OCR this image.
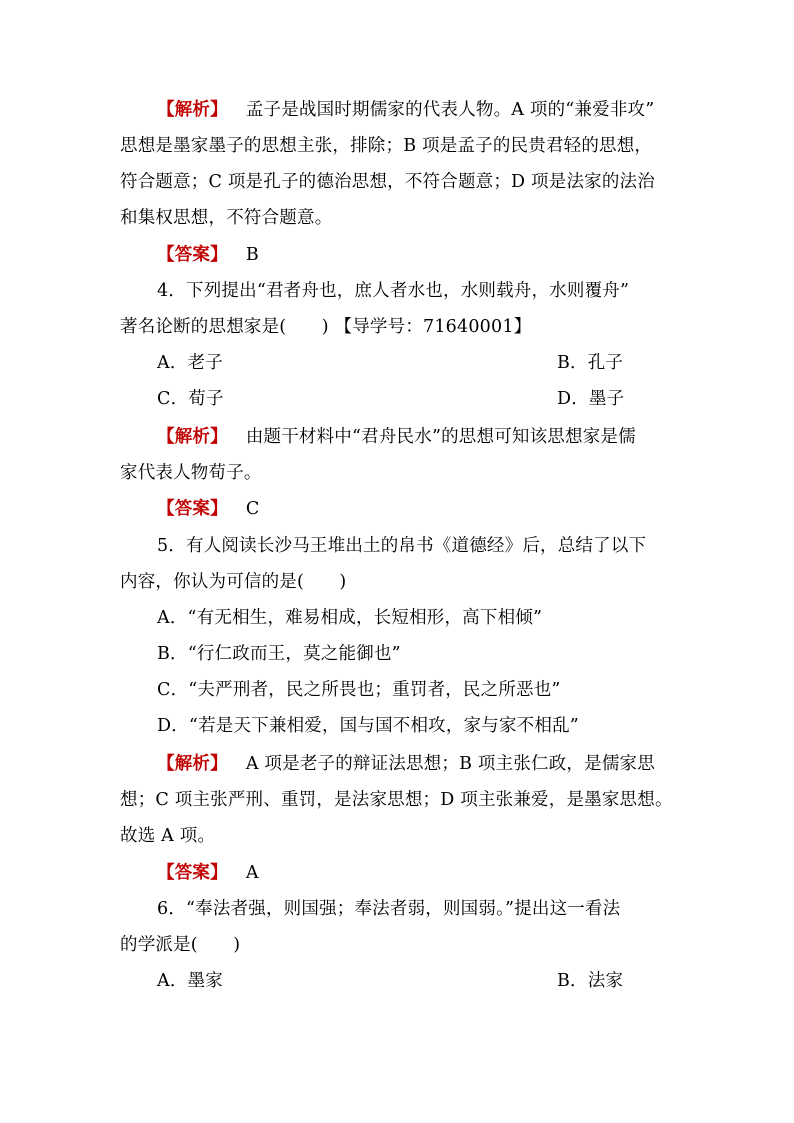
【解析】 孟子是战国时期儒家的代表人物。A 项的“兼爱非攻”
思想是墨家墨子的思想主张，排除；B 项是孟子的民贵君轻的思想，
符合题意；C 项是孔子的德治思想，不符合题意；D 项是法家的法治
和集权思想，不符合题意。
【答案】 B
4．下列提出“君者舟也，庶人者水也，水则载舟，水则覆舟”
著名论断的思想家是(　　) 【导学号：71640001】
A．老子	B．孔子
C．荀子	D．墨子
【解析】 由题干材料中“君舟民水”的思想可知该思想家是儒
家代表人物荀子。
【答案】 C
5．有人阅读长沙马王堆出土的帛书《道德经》后，总结了以下
内容，你认为可信的是(　　)
A．“有无相生，难易相成，长短相形，高下相倾”
B．“行仁政而王，莫之能御也”
C．“夫严刑者，民之所畏也；重罚者，民之所恶也”
D．“若是天下兼相爱，国与国不相攻，家与家不相乱”
【解析】 A 项是老子的辩证法思想；B 项主张仁政，是儒家思
想；C 项主张严刑、重罚，是法家思想；D 项主张兼爱，是墨家思想。
故选 A 项。
【答案】 A
6．“奉法者强，则国强；奉法者弱，则国弱。”提出这一看法
的学派是(　　)
A．墨家	B．法家
